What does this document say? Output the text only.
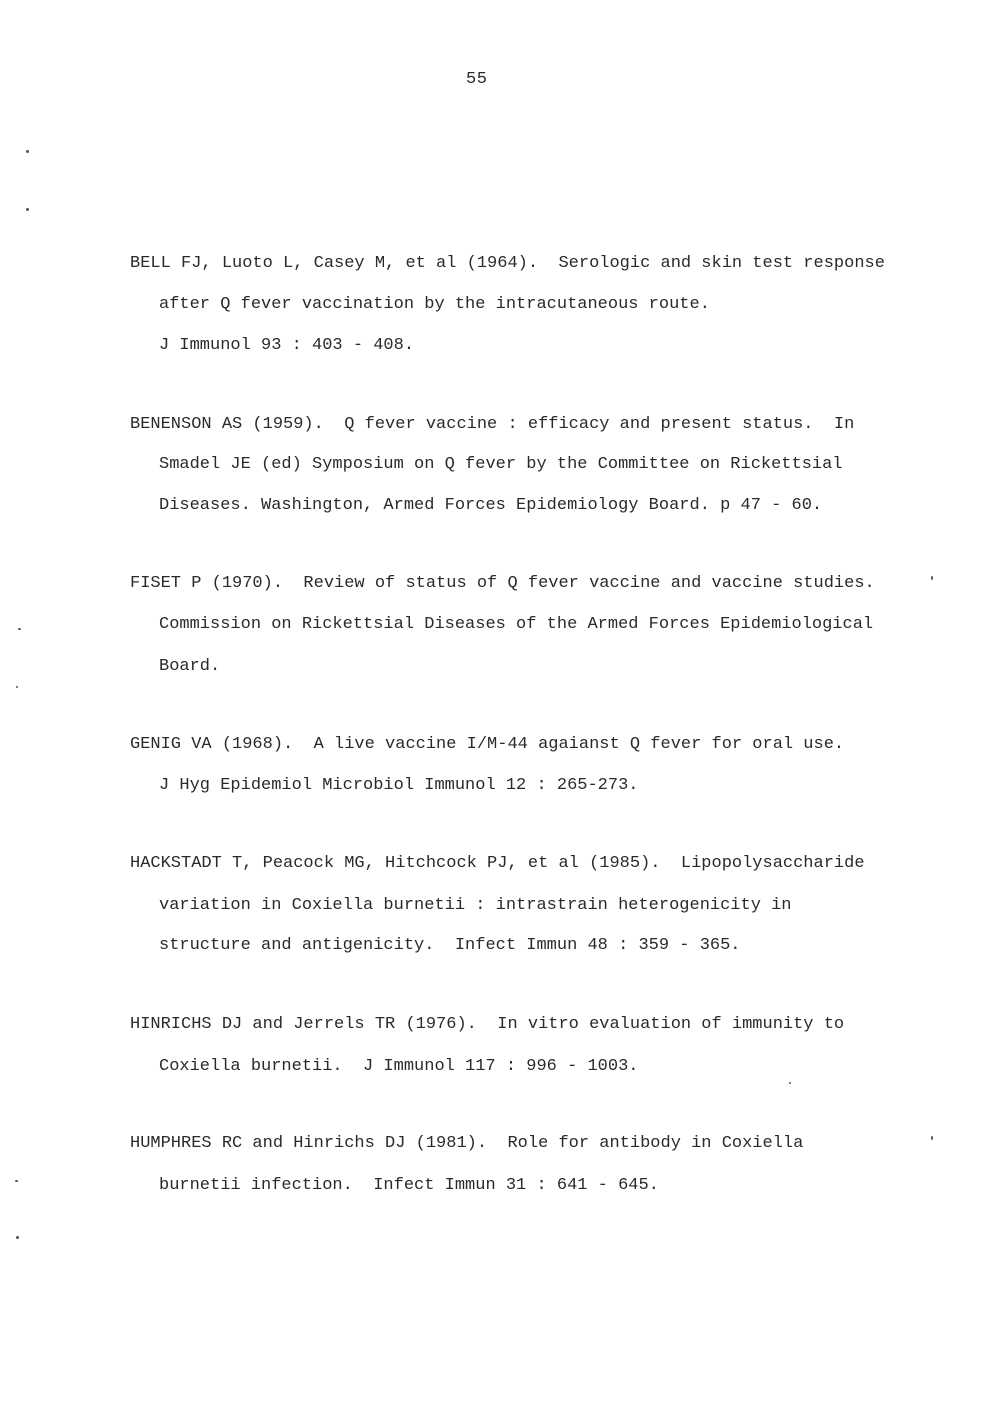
55
BELL FJ, Luoto L, Casey M, et al (1964).  Serologic and skin test response
after Q fever vaccination by the intracutaneous route.
J Immunol 93 : 403 - 408.
BENENSON AS (1959).  Q fever vaccine : efficacy and present status.  In
Smadel JE (ed) Symposium on Q fever by the Committee on Rickettsial
Diseases. Washington, Armed Forces Epidemiology Board. p 47 - 60.
FISET P (1970).  Review of status of Q fever vaccine and vaccine studies.
Commission on Rickettsial Diseases of the Armed Forces Epidemiological
Board.
GENIG VA (1968).  A live vaccine I/M-44 agaianst Q fever for oral use.
J Hyg Epidemiol Microbiol Immunol 12 : 265-273.
HACKSTADT T, Peacock MG, Hitchcock PJ, et al (1985).  Lipopolysaccharide
variation in Coxiella burnetii : intrastrain heterogenicity in
structure and antigenicity.  Infect Immun 48 : 359 - 365.
HINRICHS DJ and Jerrels TR (1976).  In vitro evaluation of immunity to
Coxiella burnetii.  J Immunol 117 : 996 - 1003.
HUMPHRES RC and Hinrichs DJ (1981).  Role for antibody in Coxiella
burnetii infection.  Infect Immun 31 : 641 - 645.
